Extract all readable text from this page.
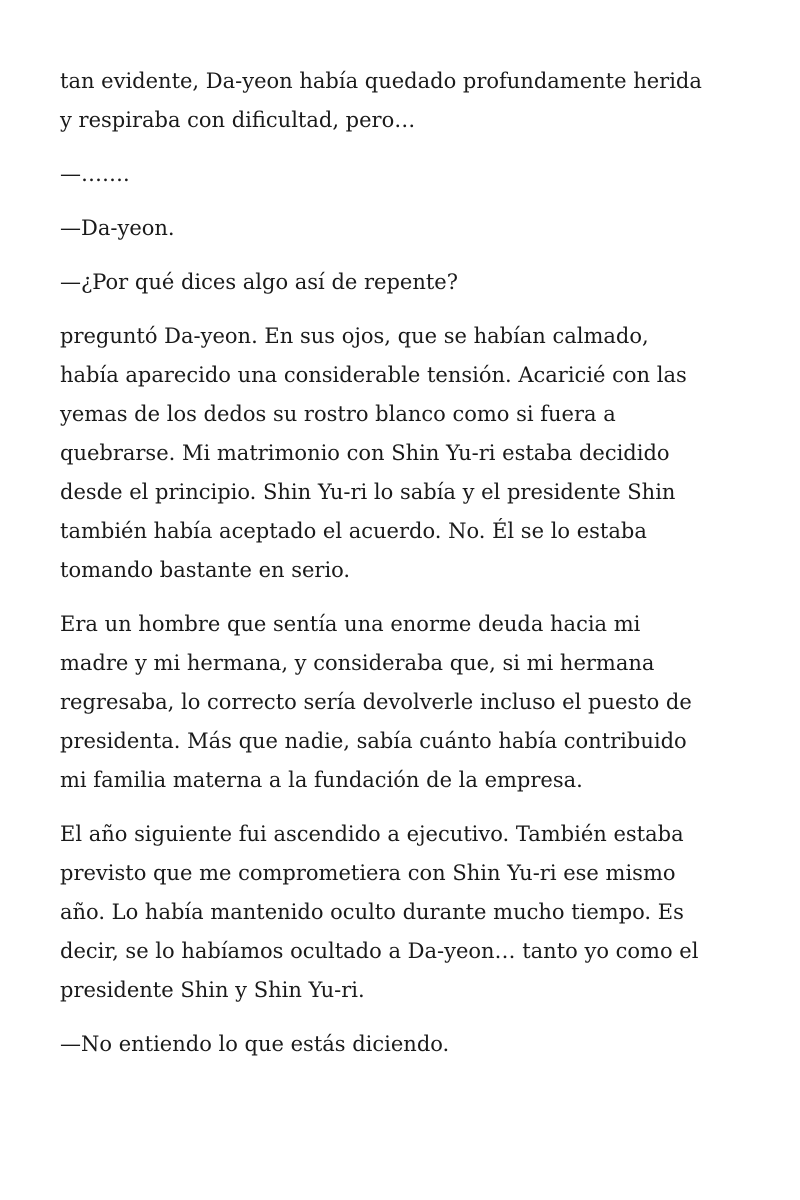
tan evidente, Da-yeon había quedado profundamente herida
y respiraba con dificultad, pero…

—…….

—Da-yeon.

—¿Por qué dices algo así de repente?

preguntó Da-yeon. En sus ojos, que se habían calmado,
había aparecido una considerable tensión. Acaricié con las
yemas de los dedos su rostro blanco como si fuera a
quebrarse. Mi matrimonio con Shin Yu-ri estaba decidido
desde el principio. Shin Yu-ri lo sabía y el presidente Shin
también había aceptado el acuerdo. No. Él se lo estaba
tomando bastante en serio.

Era un hombre que sentía una enorme deuda hacia mi
madre y mi hermana, y consideraba que, si mi hermana
regresaba, lo correcto sería devolverle incluso el puesto de
presidenta. Más que nadie, sabía cuánto había contribuido
mi familia materna a la fundación de la empresa.

El año siguiente fui ascendido a ejecutivo. También estaba
previsto que me comprometiera con Shin Yu-ri ese mismo
año. Lo había mantenido oculto durante mucho tiempo. Es
decir, se lo habíamos ocultado a Da-yeon… tanto yo como el
presidente Shin y Shin Yu-ri.

—No entiendo lo que estás diciendo.
